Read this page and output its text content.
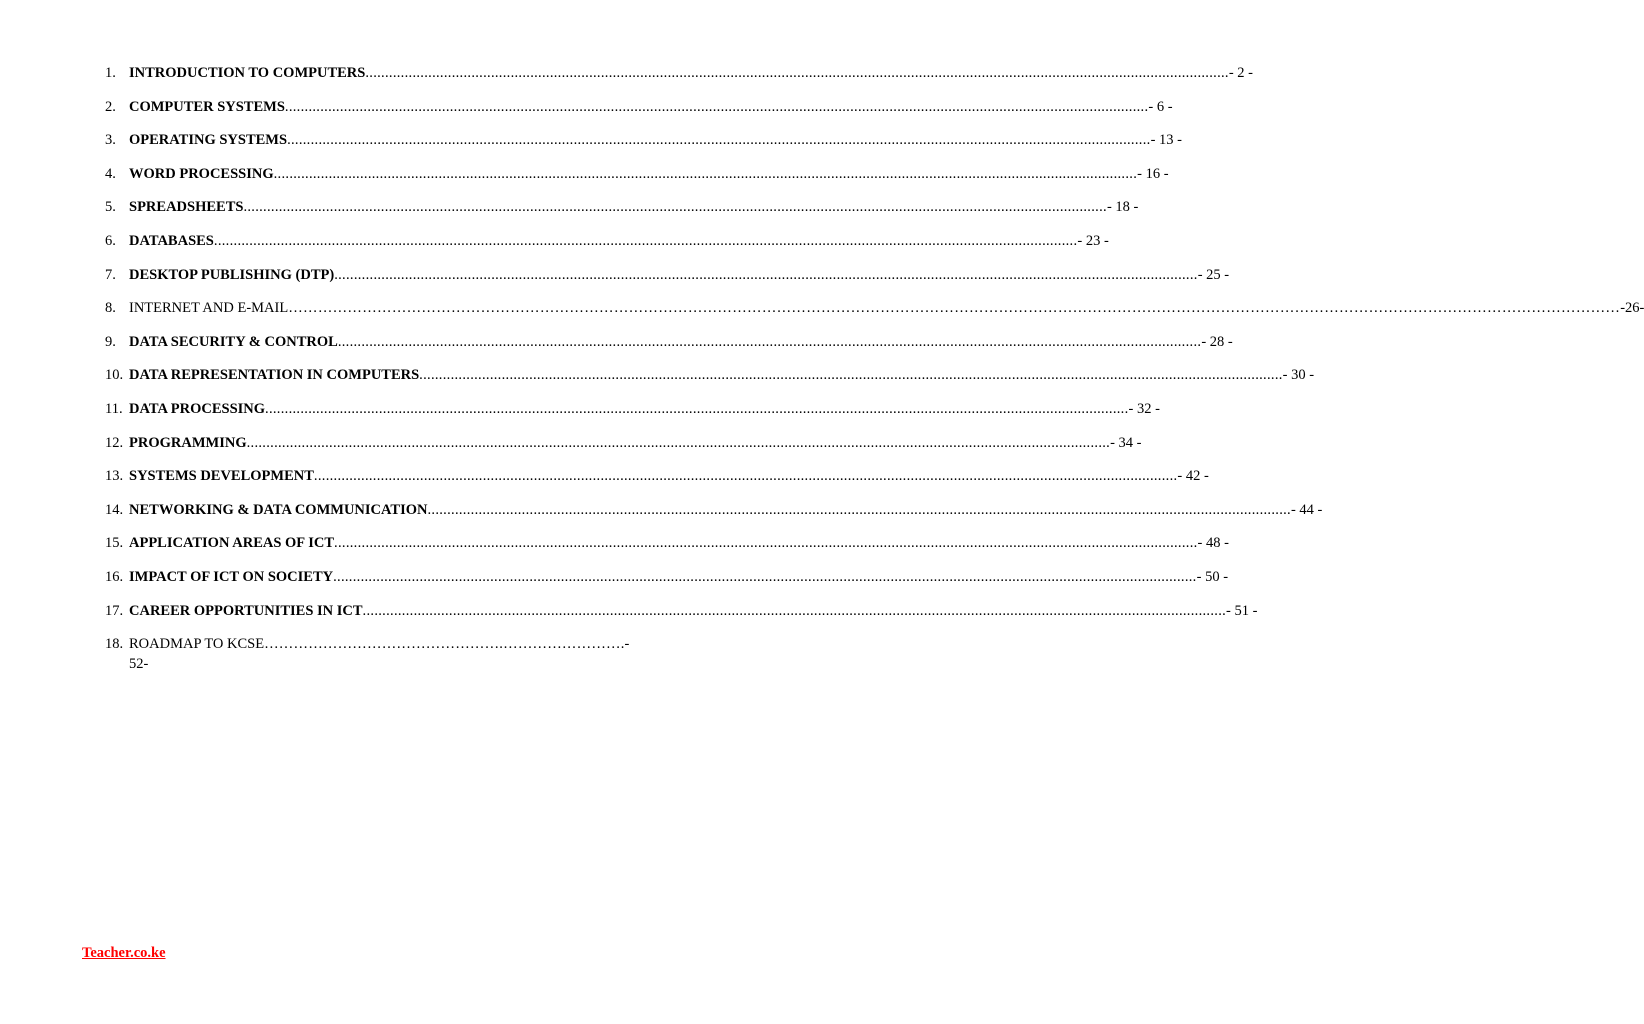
1. INTRODUCTION TO COMPUTERS ............................................................................................................................................................................................................................ - 2 -
2. COMPUTER SYSTEMS ............................................................................................................................................................................................................................ - 6 -
3. OPERATING SYSTEMS ............................................................................................................................................................................................................................ - 13 -
4. WORD PROCESSING ............................................................................................................................................................................................................................ - 16 -
5. SPREADSHEETS ............................................................................................................................................................................................................................ - 18 -
6. DATABASES ............................................................................................................................................................................................................................ - 23 -
7. DESKTOP PUBLISHING (DTP) ............................................................................................................................................................................................................................ - 25 -
8. INTERNET AND E-MAIL ……………………………………………………………………………………………………………………………………………………………………………………………………………………………………………… -26-
9. DATA SECURITY & CONTROL ............................................................................................................................................................................................................................ - 28 -
10. DATA REPRESENTATION IN COMPUTERS ............................................................................................................................................................................................................................ - 30 -
11. DATA PROCESSING ............................................................................................................................................................................................................................ - 32 -
12. PROGRAMMING ............................................................................................................................................................................................................................ - 34 -
13. SYSTEMS DEVELOPMENT ............................................................................................................................................................................................................................ - 42 -
14. NETWORKING & DATA COMMUNICATION ............................................................................................................................................................................................................................ - 44 -
15. APPLICATION AREAS OF ICT ............................................................................................................................................................................................................................ - 48 -
16. IMPACT OF ICT ON SOCIETY ............................................................................................................................................................................................................................ - 50 -
17. CAREER OPPORTUNITIES IN ICT ............................................................................................................................................................................................................................ - 51 -
18. ROADMAP TO KCSE ………………………………………….…………………….-
52-
Teacher.co.ke
